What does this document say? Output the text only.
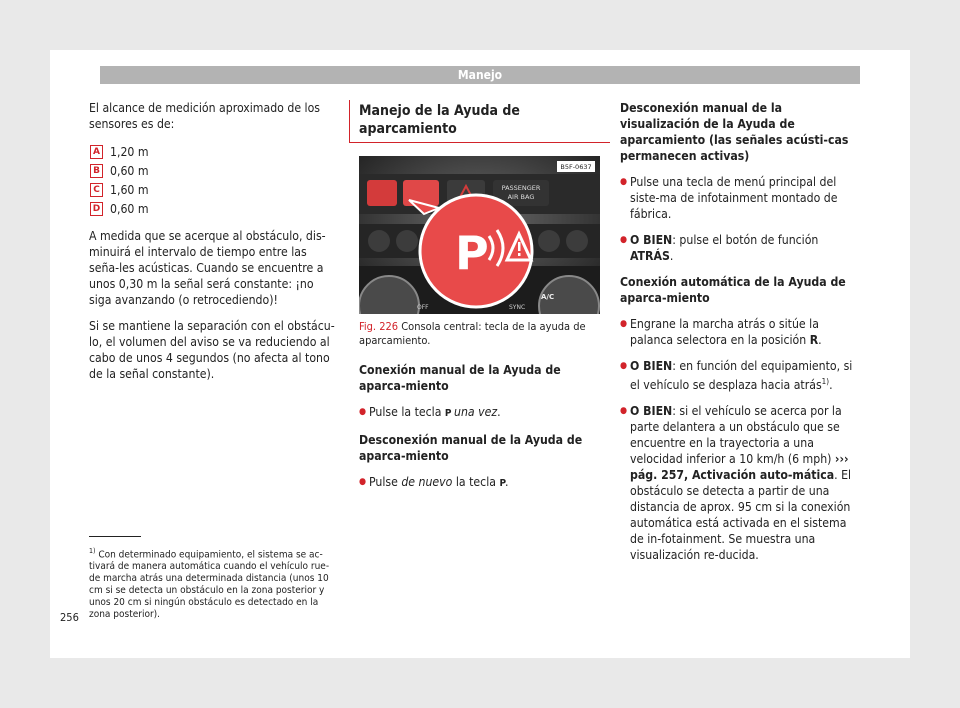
Manejo

El alcance de medición aproximado de los sensores es de:

A 1,20 m
B 0,60 m
C 1,60 m
D 0,60 m

A medida que se acerque al obstáculo, dis-minuirá el intervalo de tiempo entre las seña-les acústicas. Cuando se encuentre a unos 0,30 m la señal será constante: ¡no siga avanzando (o retrocediendo)!

Si se mantiene la separación con el obstácu-lo, el volumen del aviso se va reduciendo al cabo de unos 4 segundos (no afecta al tono de la señal constante).

Manejo de la Ayuda de aparcamiento
PASSENGER
AIR BAG
OFF	SYNC
A/C
P
B5F-0637
Fig. 226 Consola central: tecla de la ayuda de aparcamiento.

Conexión manual de la Ayuda de aparca-miento

● Pulse la tecla P una vez.

Desconexión manual de la Ayuda de aparca-miento

● Pulse de nuevo la tecla P.

Desconexión manual de la visualización de la Ayuda de aparcamiento (las señales acústi-cas permanecen activas)

● Pulse una tecla de menú principal del siste-ma de infotainment montado de fábrica.

● O BIEN: pulse el botón de función ATRÁS.

Conexión automática de la Ayuda de aparca-miento

● Engrane la marcha atrás o sitúe la palanca selectora en la posición R.

● O BIEN: en función del equipamiento, si el vehículo se desplaza hacia atrás$^{1)}$.

● O BIEN: si el vehículo se acerca por la parte delantera a un obstáculo que se encuentre en la trayectoria a una velocidad inferior a 10 km/h (6 mph) ››› pág. 257, Activación auto-mática. El obstáculo se detecta a partir de una distancia de aprox. 95 cm si la conexión automática está activada en el sistema de in-fotainment. Se muestra una visualización re-ducida.

$^{1)}$ Con determinado equipamiento, el sistema se ac-tivará de manera automática cuando el vehículo rue-de marcha atrás una determinada distancia (unos 10 cm si se detecta un obstáculo en la zona posterior y unos 20 cm si ningún obstáculo es detectado en la zona posterior).
256
